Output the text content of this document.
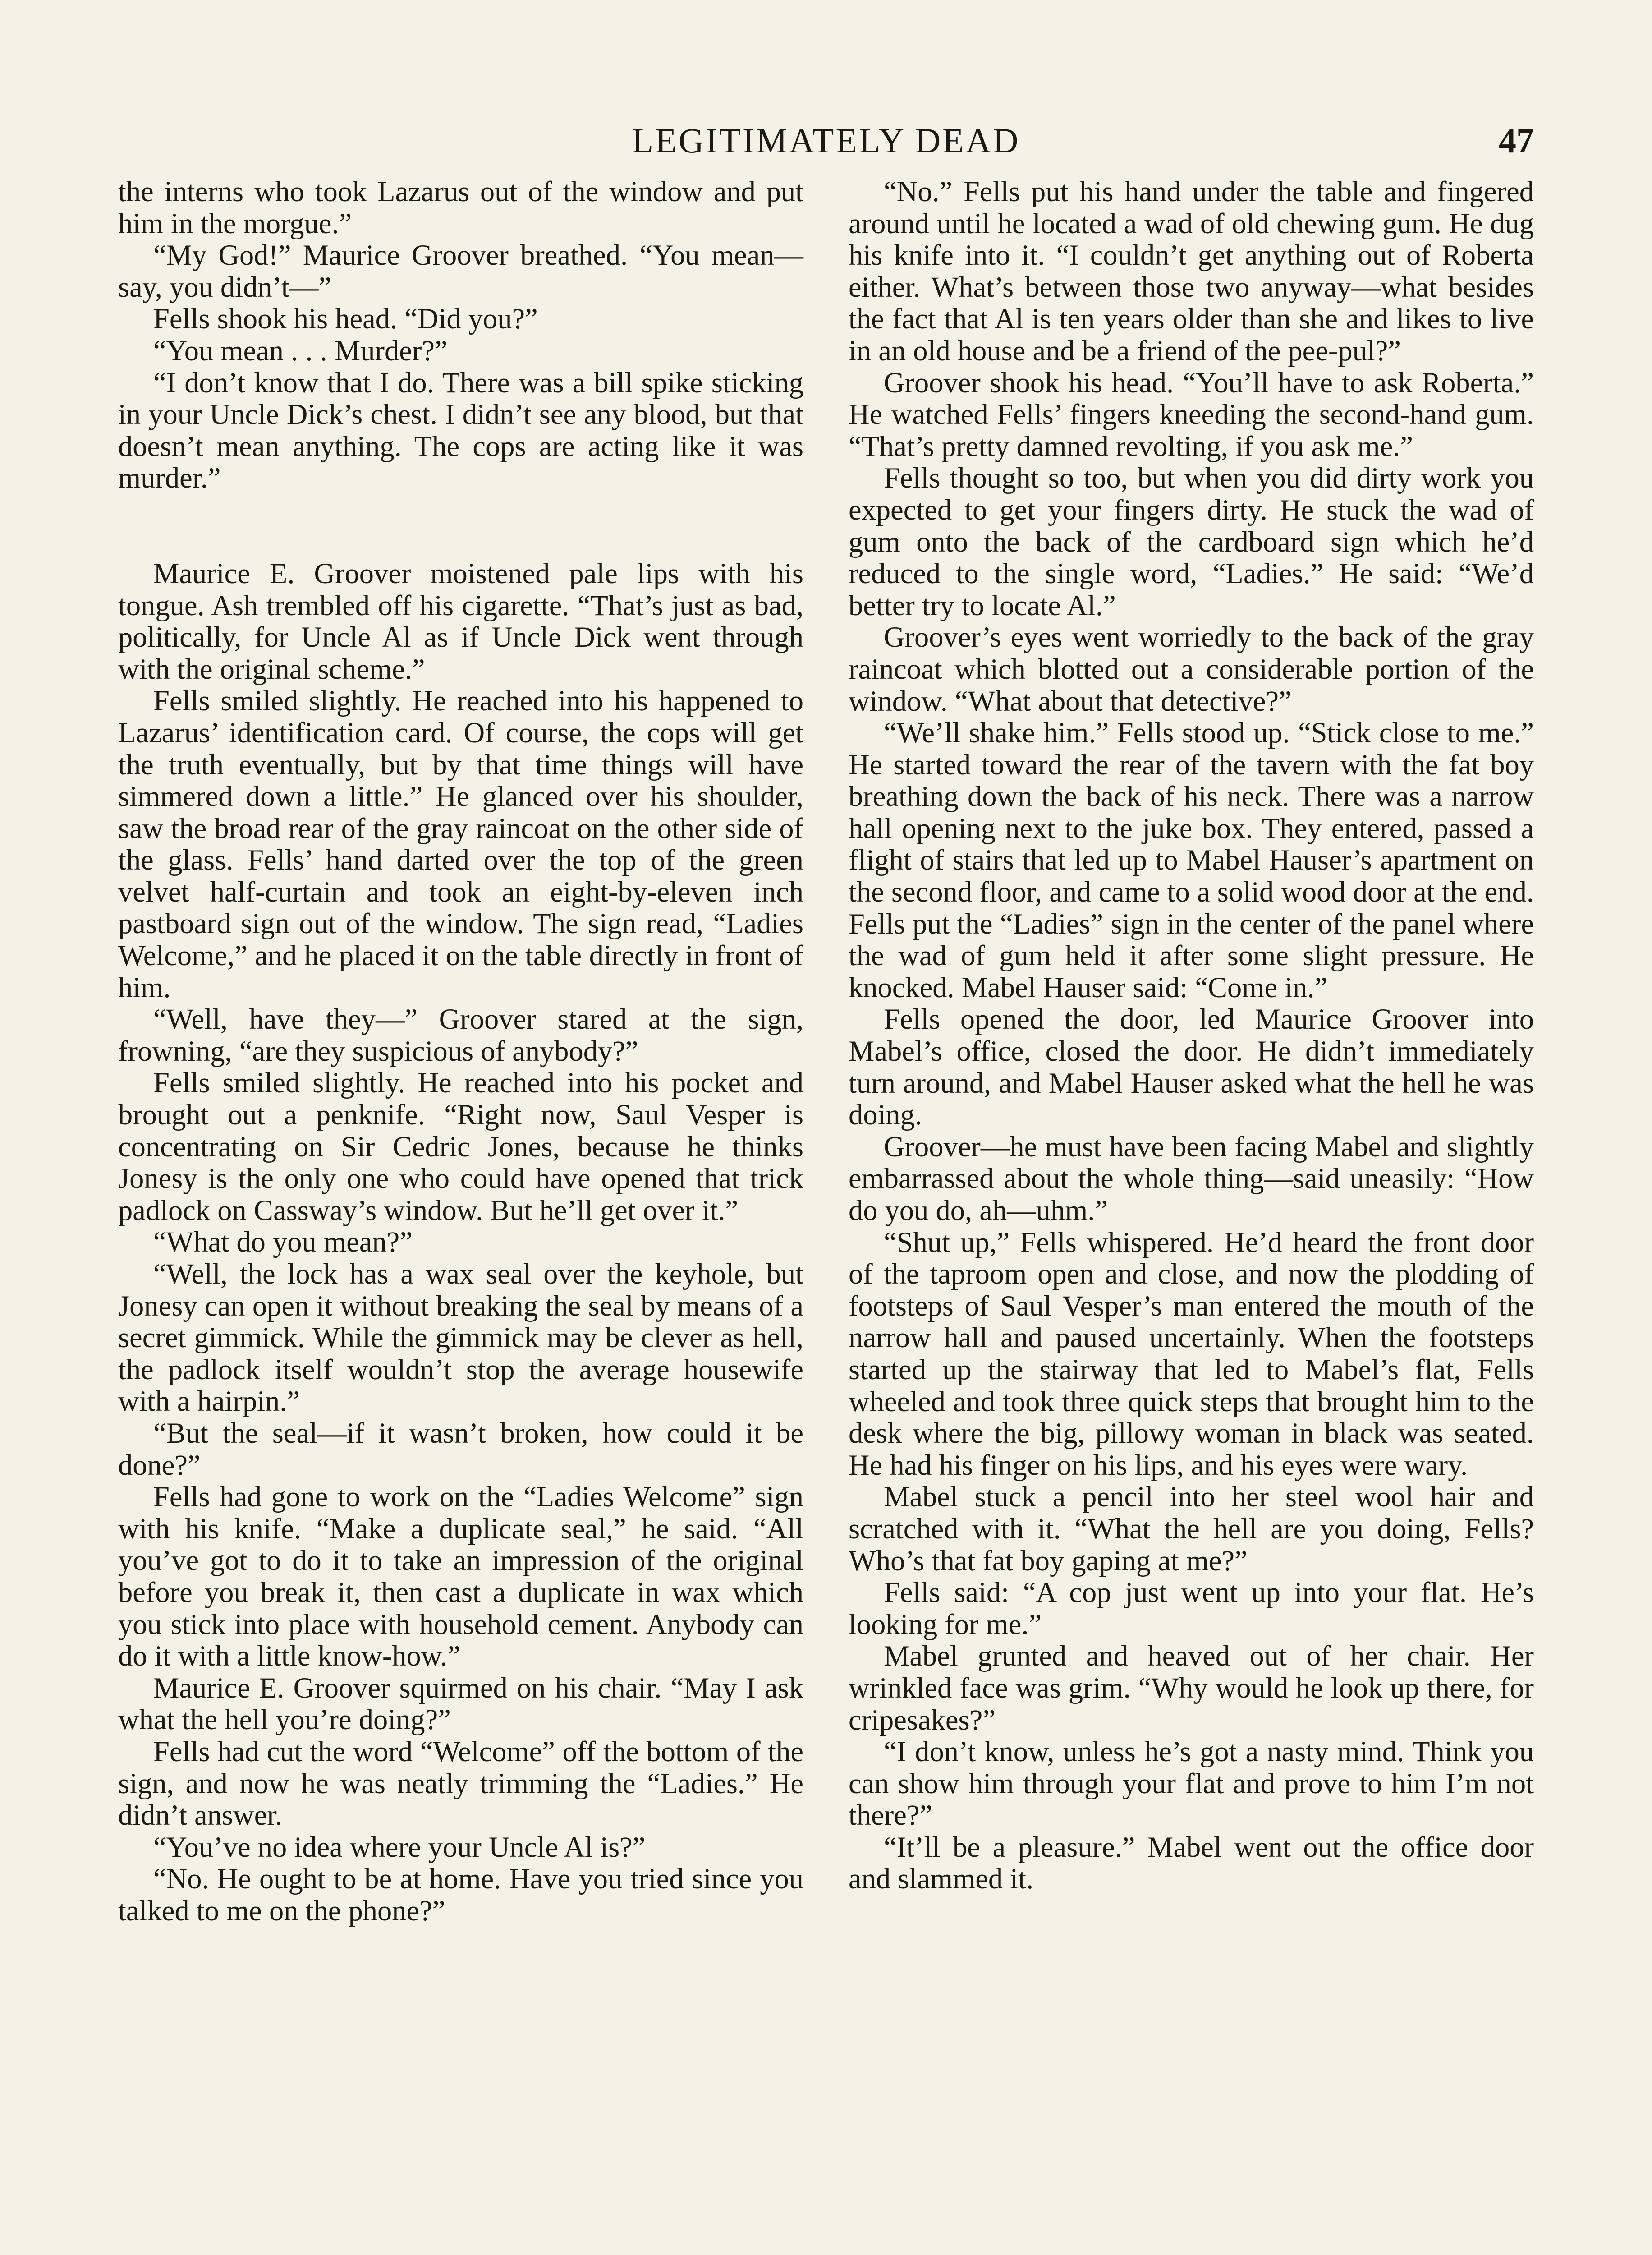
LEGITIMATELY DEAD	47

the interns who took Lazarus out of the window and put him in the morgue.”

“My God!” Maurice Groover breathed. “You mean—say, you didn’t—”

Fells shook his head. “Did you?”

“You mean . . . Murder?”

“I don’t know that I do. There was a bill spike sticking in your Uncle Dick’s chest. I didn’t see any blood, but that doesn’t mean anything. The cops are acting like it was murder.”

Maurice E. Groover moistened pale lips with his tongue. Ash trembled off his cigarette. “That’s just as bad, politically, for Uncle Al as if Uncle Dick went through with the original scheme.”

Fells smiled slightly. He reached into his happened to Lazarus’ identification card. Of course, the cops will get the truth eventually, but by that time things will have simmered down a little.” He glanced over his shoulder, saw the broad rear of the gray raincoat on the other side of the glass. Fells’ hand darted over the top of the green velvet half-curtain and took an eight-by-eleven inch pastboard sign out of the window. The sign read, “Ladies Welcome,” and he placed it on the table directly in front of him.

“Well, have they—” Groover stared at the sign, frowning, “are they suspicious of anybody?”

Fells smiled slightly. He reached into his pocket and brought out a penknife. “Right now, Saul Vesper is concentrating on Sir Cedric Jones, because he thinks Jonesy is the only one who could have opened that trick padlock on Cassway’s window. But he’ll get over it.”

“What do you mean?”

“Well, the lock has a wax seal over the keyhole, but Jonesy can open it without breaking the seal by means of a secret gimmick. While the gimmick may be clever as hell, the padlock itself wouldn’t stop the average housewife with a hairpin.”

“But the seal—if it wasn’t broken, how could it be done?”

Fells had gone to work on the “Ladies Welcome” sign with his knife. “Make a duplicate seal,” he said. “All you’ve got to do it to take an impression of the original before you break it, then cast a duplicate in wax which you stick into place with household cement. Anybody can do it with a little know-how.”

Maurice E. Groover squirmed on his chair. “May I ask what the hell you’re doing?”

Fells had cut the word “Welcome” off the bottom of the sign, and now he was neatly trimming the “Ladies.” He didn’t answer.

“You’ve no idea where your Uncle Al is?”

“No. He ought to be at home. Have you tried since you talked to me on the phone?”

“No.” Fells put his hand under the table and fingered around until he located a wad of old chewing gum. He dug his knife into it. “I couldn’t get anything out of Roberta either. What’s between those two anyway—what besides the fact that Al is ten years older than she and likes to live in an old house and be a friend of the pee-pul?”

Groover shook his head. “You’ll have to ask Roberta.” He watched Fells’ fingers kneeding the second-hand gum. “That’s pretty damned revolting, if you ask me.”

Fells thought so too, but when you did dirty work you expected to get your fingers dirty. He stuck the wad of gum onto the back of the cardboard sign which he’d reduced to the single word, “Ladies.” He said: “We’d better try to locate Al.”

Groover’s eyes went worriedly to the back of the gray raincoat which blotted out a considerable portion of the window. “What about that detective?”

“We’ll shake him.” Fells stood up. “Stick close to me.” He started toward the rear of the tavern with the fat boy breathing down the back of his neck. There was a narrow hall opening next to the juke box. They entered, passed a flight of stairs that led up to Mabel Hauser’s apartment on the second floor, and came to a solid wood door at the end. Fells put the “Ladies” sign in the center of the panel where the wad of gum held it after some slight pressure. He knocked. Mabel Hauser said: “Come in.”

Fells opened the door, led Maurice Groover into Mabel’s office, closed the door. He didn’t immediately turn around, and Mabel Hauser asked what the hell he was doing.

Groover—he must have been facing Mabel and slightly embarrassed about the whole thing—said uneasily: “How do you do, ah—uhm.”

“Shut up,” Fells whispered. He’d heard the front door of the taproom open and close, and now the plodding of footsteps of Saul Vesper’s man entered the mouth of the narrow hall and paused uncertainly. When the footsteps started up the stairway that led to Mabel’s flat, Fells wheeled and took three quick steps that brought him to the desk where the big, pillowy woman in black was seated. He had his finger on his lips, and his eyes were wary.

Mabel stuck a pencil into her steel wool hair and scratched with it. “What the hell are you doing, Fells? Who’s that fat boy gaping at me?”

Fells said: “A cop just went up into your flat. He’s looking for me.”

Mabel grunted and heaved out of her chair. Her wrinkled face was grim. “Why would he look up there, for cripesakes?”

“I don’t know, unless he’s got a nasty mind. Think you can show him through your flat and prove to him I’m not there?”

“It’ll be a pleasure.” Mabel went out the office door and slammed it.
